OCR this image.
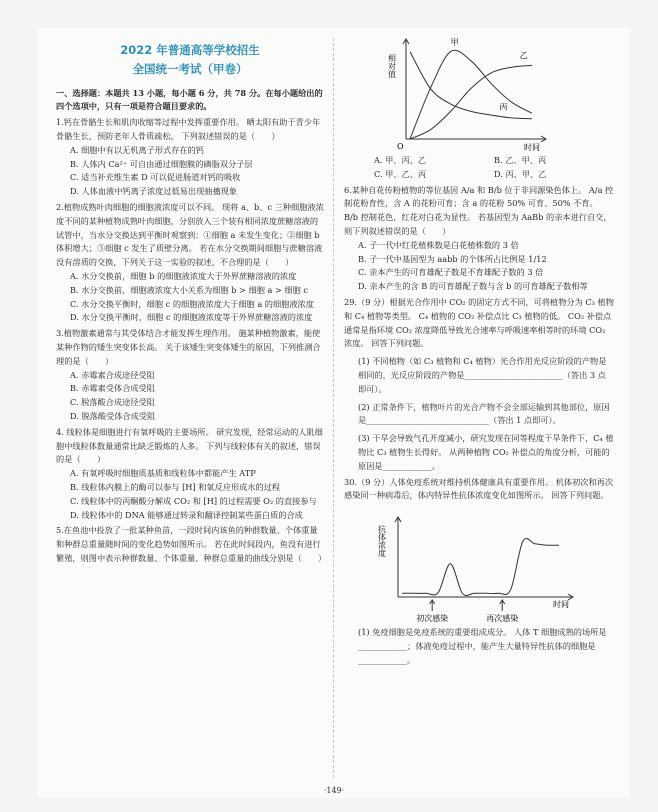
2022 年普通高等学校招生
全国统一考试（甲卷）

一、选择题：本题共 13 小题，每小题 6 分，共 78 分。在每小题给出的四个选项中，只有一项是符合题目要求的。

1.钙在骨骼生长和肌肉收缩等过程中发挥重要作用。 晒太阳有助于青少年骨骼生长，预防老年人骨质疏松。 下列叙述错误的是（　　）

A. 细胞中有以无机离子形式存在的钙

B. 人体内 Ca²⁺ 可自由通过细胞膜的磷脂双分子层

C. 适当补充维生素 D 可以促进肠道对钙的吸收

D. 人体血液中钙离子浓度过低易出现抽搐现象

2.植物成熟叶肉细胞的细胞液浓度可以不同。 现将 a、b、c 三种细胞液浓度不同的某种植物成熟叶肉细胞，分别放入三个装有相同浓度蔗糖溶液的试管中，当水分交换达到平衡时观察到：①细胞 a 未发生变化；②细胞 b 体积增大；③细胞 c 发生了质壁分离。 若在水分交换期间细胞与蔗糖溶液没有溶质的交换，下列关于这一实验的叙述，不合理的是（　　）

A. 水分交换前，细胞 b 的细胞液浓度大于外界蔗糖溶液的浓度

B. 水分交换前，细胞液浓度大小关系为细胞 b > 细胞 a > 细胞 c

C. 水分交换平衡时，细胞 c 的细胞液浓度大于细胞 a 的细胞液浓度

D. 水分交换平衡时，细胞 c 的细胞液浓度等于外界蔗糖溶液的浓度

3.植物激素通常与其受体结合才能发挥生理作用。 施某种植物激素，能使某种作物的矮生突变体长高。 关于该矮生突变体矮生的原因，下列推测合理的是（　　）

A. 赤霉素合成途径受阻

B. 赤霉素受体合成受阻

C. 脱落酸合成途径受阻

D. 脱落酸受体合成受阻

4. 线粒体是细胞进行有氧呼吸的主要场所。 研究发现，经常运动的人肌细胞中线粒体数量通常比缺乏锻炼的人多。 下列与线粒体有关的叙述，错误的是（　　）

A. 有氧呼吸时细胞质基质和线粒体中都能产生 ATP

B. 线粒体内膜上的酶可以参与 [H] 和氧反应形成水的过程

C. 线粒体中的丙酮酸分解成 CO₂ 和 [H] 的过程需要 O₂ 的直接参与

D. 线粒体中的 DNA 能够通过转录和翻译控制某些蛋白质的合成

5.在鱼池中投放了一批某种鱼苗，一段时间内该鱼的种群数量、个体重量和种群总重量随时间的变化趋势如图所示。 若在此时间段内，鱼没有进行繁殖，则图中表示种群数量、个体重量、种群总重量的曲线分别是（　　）

相对值
O	时间
甲
乙
丙

A. 甲、丙、乙	B. 乙、甲、丙

C. 甲、乙、丙	D. 丙、甲、乙

6.某种自花传粉植物的等位基因 A/a 和 B/b 位于非同源染色体上。 A/a 控制花粉育性，含 A 的花粉可育；含 a 的花粉 50% 可育、50% 不育。 B/b 控制花色，红花对白花为显性。 若基因型为 AaBb 的亲本进行自交，则下列叙述错误的是（　　）

A. 子一代中红花植株数是白花植株数的 3 倍

B. 子一代中基因型为 aabb 的个体所占比例是 1/12

C. 亲本产生的可育雄配子数是不育雄配子数的 3 倍

D. 亲本产生的含 B 的可育雄配子数与含 b 的可育雄配子数相等

29.（9 分）根据光合作用中 CO₂ 的固定方式不同，可将植物分为 C₃ 植物和 C₄ 植物等类型。 C₄ 植物的 CO₂ 补偿点比 C₃ 植物的低。 CO₂ 补偿点通常是指环境 CO₂ 浓度降低导致光合速率与呼吸速率相等时的环境 CO₂ 浓度。 回答下列问题。

(1) 不同植物（如 C₃ 植物和 C₄ 植物）光合作用光反应阶段的产物是相同的，光反应阶段的产物是________________________（答出 3 点即可）。

(2) 正常条件下，植物叶片的光合产物不会全部运输到其他部位，原因是______________________________（答出 1 点即可）。

(3) 干旱会导致气孔开度减小，研究发现在同等程度干旱条件下，C₄ 植物比 C₃ 植物生长得好。 从两种植物 CO₂ 补偿点的角度分析，可能的原因是____________。

30.（9 分）人体免疫系统对维持机体健康具有重要作用。 机体初次和再次感染同一种病毒后，体内特异性抗体浓度变化如图所示。 回答下列问题。

抗体浓度
时间
初次感染	再次感染

(1) 免疫细胞是免疫系统的重要组成成分。 人体 T 细胞成熟的场所是____________；体液免疫过程中，能产生大量特异性抗体的细胞是____________。

·149·
